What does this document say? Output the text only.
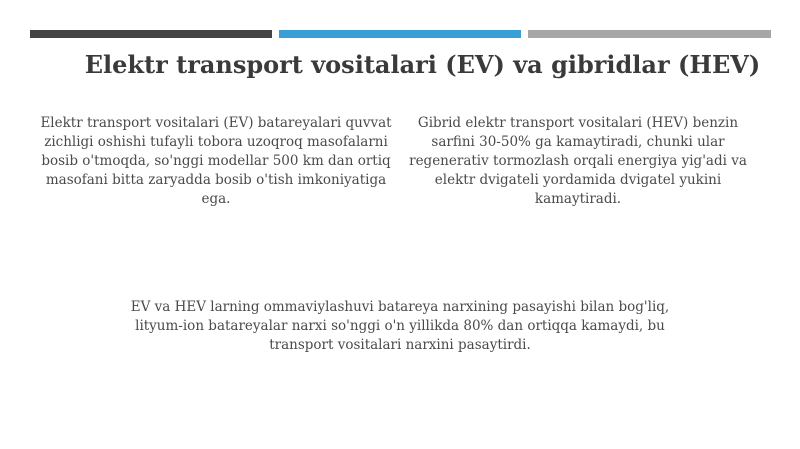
Elektr transport vositalari (EV) va gibridlar (HEV)
Elektr transport vositalari (EV) batareyalari quvvat zichligi oshishi tufayli tobora uzoqroq masofalarni bosib o'tmoqda, so'nggi modellar 500 km dan ortiq masofani bitta zaryadda bosib o'tish imkoniyatiga ega.
Gibrid elektr transport vositalari (HEV) benzin sarfini 30-50% ga kamaytiradi, chunki ular regenerativ tormozlash orqali energiya yig'adi va elektr dvigateli yordamida dvigatel yukini kamaytiradi.
EV va HEV larning ommaviylashuvi batareya narxining pasayishi bilan bog'liq, lityum-ion batareyalar narxi so'nggi o'n yillikda 80% dan ortiqqa kamaydi, bu transport vositalari narxini pasaytirdi.
